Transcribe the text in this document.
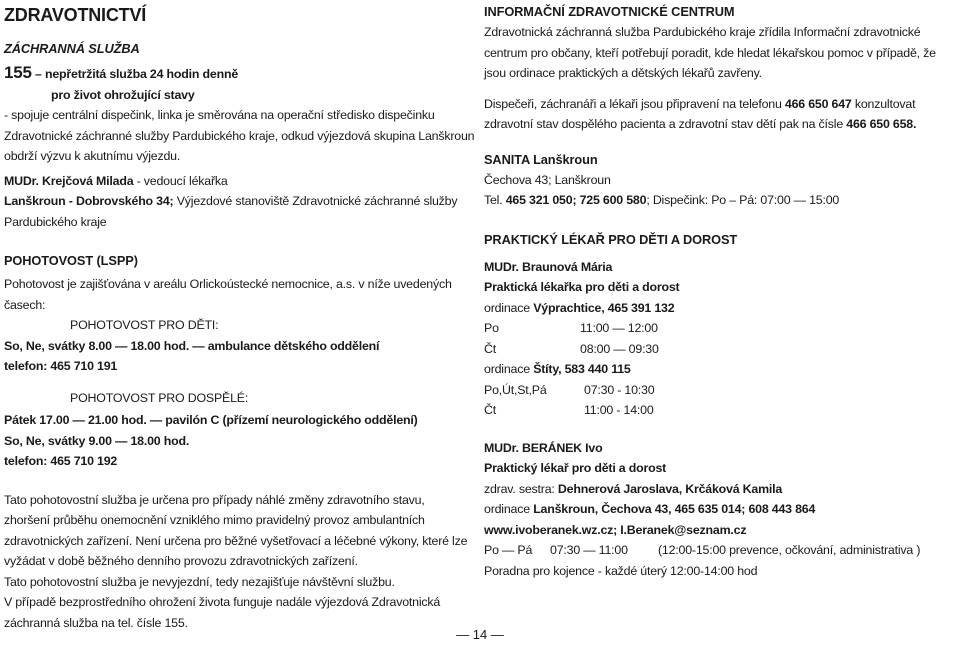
ZDRAVOTNICTVÍ
ZÁCHRANNÁ SLUŽBA
155 – nepřetržitá služba 24 hodin denně
pro život ohrožující stavy
- spojuje centrální dispečink, linka je směrována na operační středisko dispečinku
Zdravotnické záchranné služby Pardubického kraje, odkud výjezdová skupina Lanškroun
obdrží výzvu k akutnímu výjezdu.
MUDr. Krejčová Milada - vedoucí lékařka
Lanškroun - Dobrovského 34; Výjezdové stanoviště Zdravotnické záchranné služby
Pardubického kraje
POHOTOVOST (LSPP)
Pohotovost je zajišťována v areálu Orlickoústecké nemocnice, a.s. v níže uvedených časech:
POHOTOVOST PRO DĚTI:
So, Ne, svátky 8.00 — 18.00 hod. — ambulance dětského oddělení
telefon: 465 710 191
POHOTOVOST PRO DOSPĚLÉ:
Pátek 17.00 — 21.00 hod. — pavilón C (přízemí neurologického oddělení)
So, Ne, svátky 9.00 — 18.00 hod.
telefon: 465 710 192
Tato pohotovostní služba je určena pro případy náhlé změny zdravotního stavu, zhoršení průběhu onemocnění vzniklého mimo pravidelný provoz ambulantních zdravotnických zařízení. Není určena pro běžné vyšetřovací a léčebné výkony, které lze vyžádat v době běžného denního provozu zdravotnických zařízení.
Tato pohotovostní služba je nevyjezdní, tedy nezajišťuje návštěvní službu.
V případě bezprostředního ohrožení života funguje nadále výjezdová Zdravotnická záchranná služba na tel. čísle 155.
INFORMAČNÍ ZDRAVOTNICKÉ CENTRUM
Zdravotnická záchranná služba Pardubického kraje zřídila Informační zdravotnické centrum pro občany, kteří potřebují poradit, kde hledat lékařskou pomoc v případě, že jsou ordinace praktických a dětských lékařů zavřeny.
Dispečeři, záchranáři a lékaři jsou připravení na telefonu 466 650 647 konzultovat zdravotní stav dospělého pacienta a zdravotní stav dětí pak na čísle 466 650 658.
SANITA Lanškroun
Čechova 43; Lanškroun
Tel. 465 321 050; 725 600 580; Dispečink: Po – Pá: 07:00 — 15:00
PRAKTICKÝ LÉKAŘ PRO DĚTI A DOROST
MUDr. Braunová Mária
Praktická lékařka pro děti a dorost
ordinace Výprachtice, 465 391 132
Po	11:00 — 12:00
Čt	08:00 — 09:30
ordinace Štíty, 583 440 115
Po,Út,St,Pá	07:30 - 10:30
Čt	11:00 - 14:00
MUDr. BERÁNEK Ivo
Praktický lékař pro děti a dorost
zdrav. sestra: Dehnerová Jaroslava, Krčáková Kamila
ordinace Lanškroun, Čechova 43, 465 635 014; 608 443 864
www.ivoberanek.wz.cz; I.Beranek@seznam.cz
Po — Pá 07:30 — 11:00 (12:00-15:00 prevence, očkování, administrativa )
Poradna pro kojence - každé úterý 12:00-14:00 hod
— 14 —
